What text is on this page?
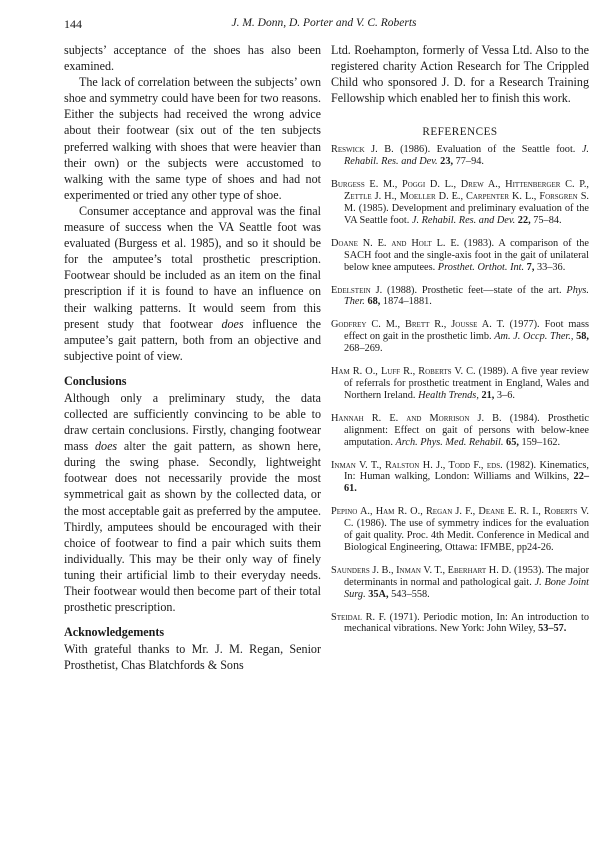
144	J. M. Donn, D. Porter and V. C. Roberts

subjects’ acceptance of the shoes has also been examined.

The lack of correlation between the subjects’ own shoe and symmetry could have been for two reasons. Either the subjects had received the wrong advice about their footwear (six out of the ten subjects preferred walking with shoes that were heavier than their own) or the subjects were accustomed to walking with the same type of shoes and had not experimented or tried any other type of shoe.

Consumer acceptance and approval was the final measure of success when the VA Seattle foot was evaluated (Burgess et al. 1985), and so it should be for the amputee’s total prosthetic prescription. Footwear should be included as an item on the final prescription if it is found to have an influence on their walking patterns. It would seem from this present study that footwear does influence the amputee’s gait pattern, both from an objective and subjective point of view.

Conclusions

Although only a preliminary study, the data collected are sufficiently convincing to be able to draw certain conclusions. Firstly, changing footwear mass does alter the gait pattern, as shown here, during the swing phase. Secondly, lightweight footwear does not necessarily provide the most symmetrical gait as shown by the collected data, or the most acceptable gait as preferred by the amputee. Thirdly, amputees should be encouraged with their choice of footwear to find a pair which suits them individually. This may be their only way of finely tuning their artificial limb to their everyday needs. Their footwear would then become part of their total prosthetic prescription.

Acknowledgements

With grateful thanks to Mr. J. M. Regan, Senior Prosthetist, Chas Blatchfords & Sons

Ltd. Roehampton, formerly of Vessa Ltd. Also to the registered charity Action Research for The Crippled Child who sponsored J. D. for a Research Training Fellowship which enabled her to finish this work.

REFERENCES
Reswick J. B. (1986). Evaluation of the Seattle foot. J. Rehabil. Res. and Dev. 23, 77–94.
Burgess E. M., Poggi D. L., Drew A., Hittenberger C. P., Zettle J. H., Moeller D. E., Carpenter K. L., Forsgren S. M. (1985). Development and preliminary evaluation of the VA Seattle foot. J. Rehabil. Res. and Dev. 22, 75–84.
Doane N. E. and Holt L. E. (1983). A comparison of the SACH foot and the single-axis foot in the gait of unilateral below knee amputees. Prosthet. Orthot. Int. 7, 33–36.
Edelstein J. (1988). Prosthetic feet—state of the art. Phys. Ther. 68, 1874–1881.
Godfrey C. M., Brett R., Jousse A. T. (1977). Foot mass effect on gait in the prosthetic limb. Am. J. Occp. Ther., 58, 268–269.
Ham R. O., Luff R., Roberts V. C. (1989). A five year review of referrals for prosthetic treatment in England, Wales and Northern Ireland. Health Trends, 21, 3–6.
Hannah R. E. and Morrison J. B. (1984). Prosthetic alignment: Effect on gait of persons with below-knee amputation. Arch. Phys. Med. Rehabil. 65, 159–162.
Inman V. T., Ralston H. J., Todd F., eds. (1982). Kinematics, In: Human walking, London: Williams and Wilkins, 22–61.
Pepino A., Ham R. O., Regan J. F., Deane E. R. I., Roberts V. C. (1986). The use of symmetry indices for the evaluation of gait quality. Proc. 4th Medit. Conference in Medical and Biological Engineering, Ottawa: IFMBE, pp24-26.
Saunders J. B., Inman V. T., Eberhart H. D. (1953). The major determinants in normal and pathological gait. J. Bone Joint Surg. 35A, 543–558.
Steidal R. F. (1971). Periodic motion, In: An introduction to mechanical vibrations. New York: John Wiley, 53–57.
